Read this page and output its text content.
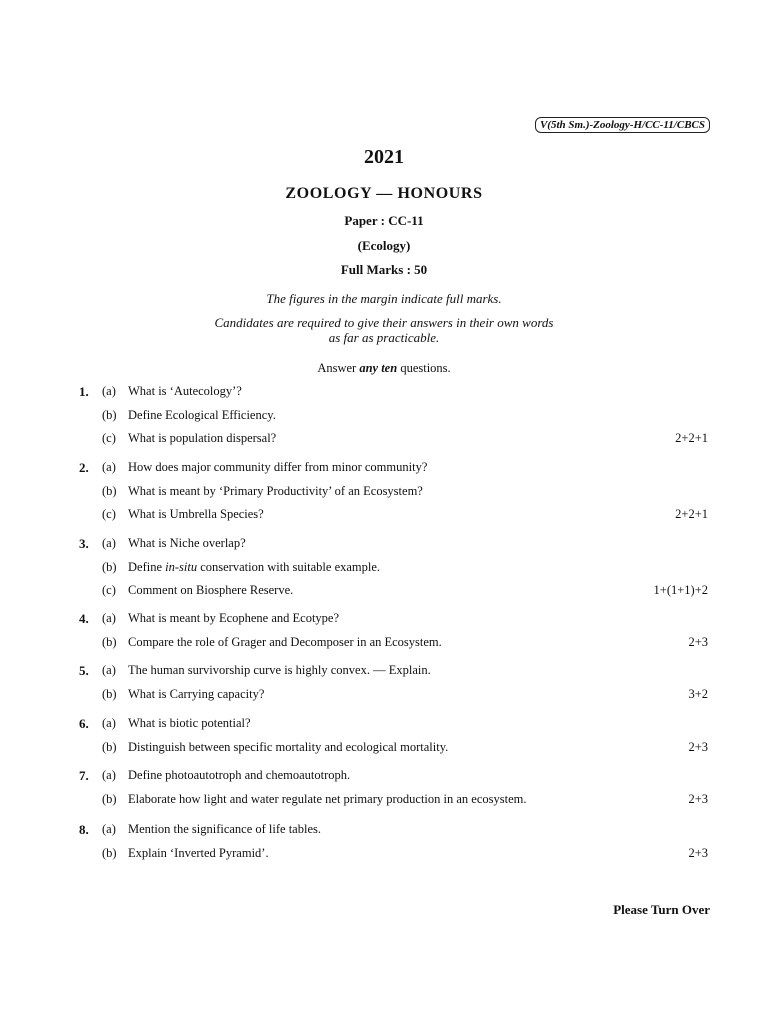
V(5th Sm.)-Zoology-H/CC-11/CBCS
2021
ZOOLOGY — HONOURS
Paper : CC-11
(Ecology)
Full Marks : 50
The figures in the margin indicate full marks.
Candidates are required to give their answers in their own words
as far as practicable.
Answer any ten questions.
1. (a) What is ‘Autecology’?
(b) Define Ecological Efficiency.
(c) What is population dispersal?	2+2+1
2. (a) How does major community differ from minor community?
(b) What is meant by ‘Primary Productivity’ of an Ecosystem?
(c) What is Umbrella Species?	2+2+1
3. (a) What is Niche overlap?
(b) Define in-situ conservation with suitable example.
(c) Comment on Biosphere Reserve.	1+(1+1)+2
4. (a) What is meant by Ecophene and Ecotype?
(b) Compare the role of Grager and Decomposer in an Ecosystem.	2+3
5. (a) The human survivorship curve is highly convex. — Explain.
(b) What is Carrying capacity?	3+2
6. (a) What is biotic potential?
(b) Distinguish between specific mortality and ecological mortality.	2+3
7. (a) Define photoautotroph and chemoautotroph.
(b) Elaborate how light and water regulate net primary production in an ecosystem.	2+3
8. (a) Mention the significance of life tables.
(b) Explain ‘Inverted Pyramid’.	2+3
Please Turn Over
